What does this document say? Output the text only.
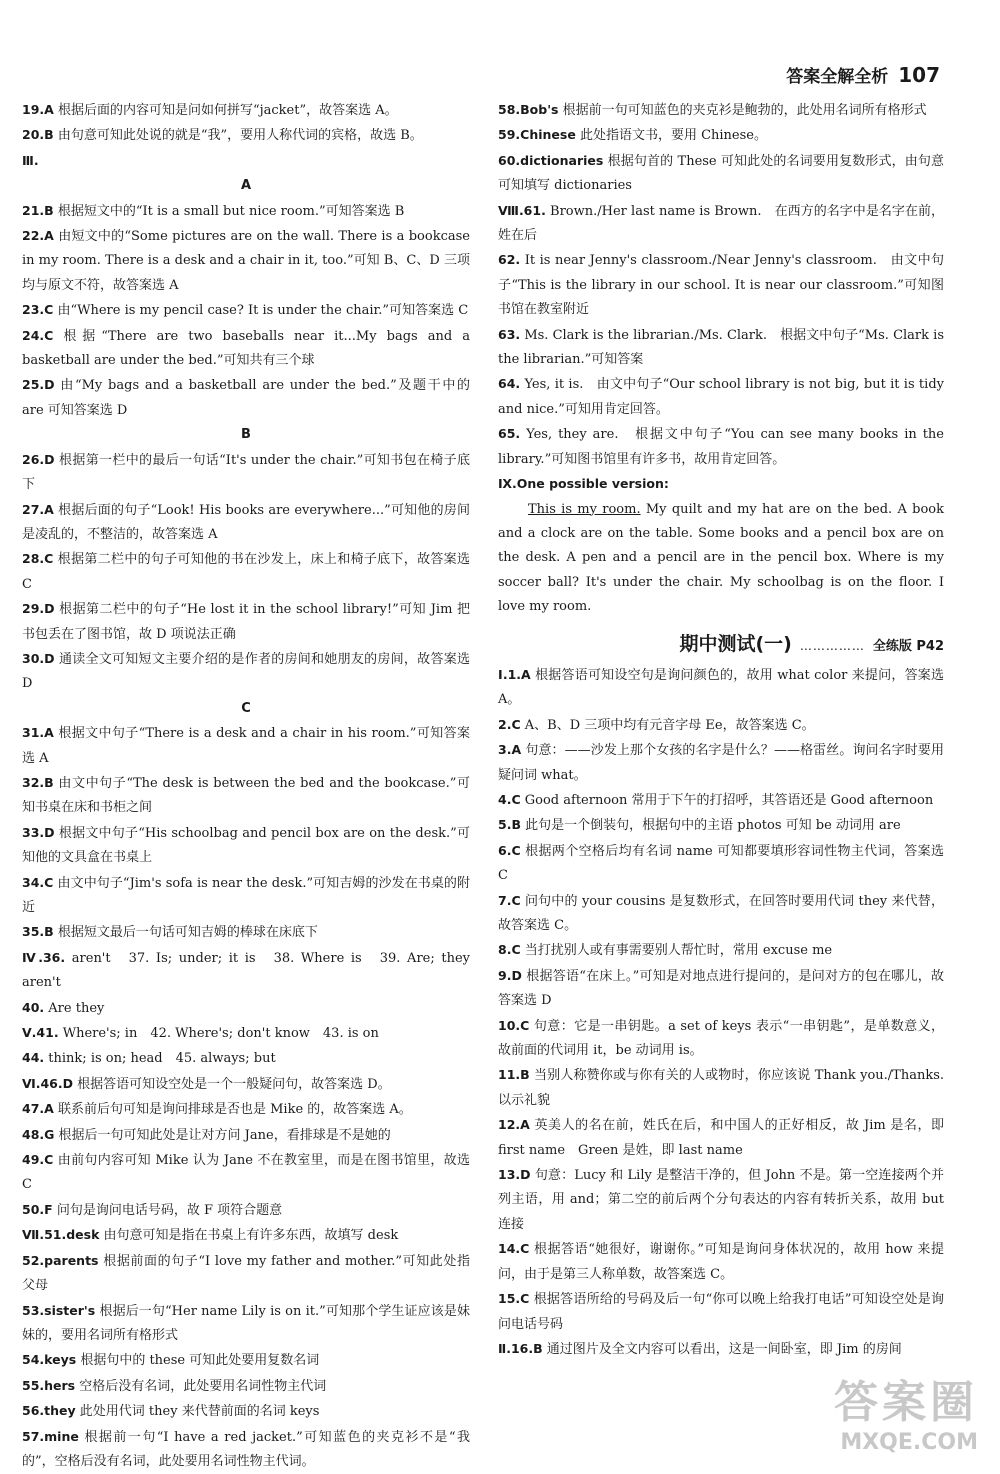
答案全解全析 107

19.A 根据后面的内容可知是问如何拼写“jacket”，故答案选 A。

20.B 由句意可知此处说的就是“我”，要用人称代词的宾格，故选 B。

Ⅲ.

A

21.B 根据短文中的“It is a small but nice room.”可知答案选 B

22.A 由短文中的“Some pictures are on the wall. There is a bookcase in my room. There is a desk and a chair in it, too.”可知 B、C、D 三项均与原文不符，故答案选 A

23.C 由“Where is my pencil case? It is under the chair.”可知答案选 C

24.C 根据“There are two baseballs near it...My bags and a basketball are under the bed.”可知共有三个球

25.D 由“My bags and a basketball are under the bed.”及题干中的 are 可知答案选 D

B

26.D 根据第一栏中的最后一句话“It's under the chair.”可知书包在椅子底下

27.A 根据后面的句子“Look! His books are everywhere...”可知他的房间是凌乱的，不整洁的，故答案选 A

28.C 根据第二栏中的句子可知他的书在沙发上，床上和椅子底下，故答案选 C

29.D 根据第二栏中的句子“He lost it in the school library!”可知 Jim 把书包丢在了图书馆，故 D 项说法正确

30.D 通读全文可知短文主要介绍的是作者的房间和她朋友的房间，故答案选 D

C

31.A 根据文中句子“There is a desk and a chair in his room.”可知答案选 A

32.B 由文中句子“The desk is between the bed and the bookcase.”可知书桌在床和书柜之间

33.D 根据文中句子“His schoolbag and pencil box are on the desk.”可知他的文具盒在书桌上

34.C 由文中句子“Jim's sofa is near the desk.”可知吉姆的沙发在书桌的附近

35.B 根据短文最后一句话可知吉姆的棒球在床底下

Ⅳ.36. aren't　37. Is; under; it is　38. Where is　39. Are; they aren't

40. Are they

Ⅴ.41. Where's; in　42. Where's; don't know　43. is on

44. think; is on; head　45. always; but

Ⅵ.46.D 根据答语可知设空处是一个一般疑问句，故答案选 D。

47.A 联系前后句可知是询问排球是否也是 Mike 的，故答案选 A。

48.G 根据后一句可知此处是让对方问 Jane，看排球是不是她的

49.C 由前句内容可知 Mike 认为 Jane 不在教室里，而是在图书馆里，故选 C

50.F 问句是询问电话号码，故 F 项符合题意

Ⅶ.51.desk 由句意可知是指在书桌上有许多东西，故填写 desk

52.parents 根据前面的句子“I love my father and mother.”可知此处指父母

53.sister's 根据后一句“Her name Lily is on it.”可知那个学生证应该是妹妹的，要用名词所有格形式

54.keys 根据句中的 these 可知此处要用复数名词

55.hers 空格后没有名词，此处要用名词性物主代词

56.they 此处用代词 they 来代替前面的名词 keys

57.mine 根据前一句“I have a red jacket.”可知蓝色的夹克衫不是“我的”，空格后没有名词，此处要用名词性物主代词。

58.Bob's 根据前一句可知蓝色的夹克衫是鲍勃的，此处用名词所有格形式

59.Chinese 此处指语文书，要用 Chinese。

60.dictionaries 根据句首的 These 可知此处的名词要用复数形式，由句意可知填写 dictionaries

Ⅷ.61. Brown./Her last name is Brown.　在西方的名字中是名字在前，姓在后

62. It is near Jenny's classroom./Near Jenny's classroom.　由文中句子“This is the library in our school. It is near our classroom.”可知图书馆在教室附近

63. Ms. Clark is the librarian./Ms. Clark.　根据文中句子“Ms. Clark is the librarian.”可知答案

64. Yes, it is.　由文中句子“Our school library is not big, but it is tidy and nice.”可知用肯定回答。

65. Yes, they are.　根据文中句子“You can see many books in the library.”可知图书馆里有许多书，故用肯定回答。

Ⅸ.One possible version:

This is my room. My quilt and my hat are on the bed. A book and a clock are on the table. Some books and a pencil box are on the desk. A pen and a pencil are in the pencil box. Where is my soccer ball? It's under the chair. My schoolbag is on the floor. I love my room.

期中测试(一) …………… 全练版 P42

Ⅰ.1.A 根据答语可知设空句是询问颜色的，故用 what color 来提问，答案选 A。

2.C A、B、D 三项中均有元音字母 Ee，故答案选 C。

3.A 句意：——沙发上那个女孩的名字是什么？——格雷丝。询问名字时要用疑问词 what。

4.C Good afternoon 常用于下午的打招呼，其答语还是 Good afternoon

5.B 此句是一个倒装句，根据句中的主语 photos 可知 be 动词用 are

6.C 根据两个空格后均有名词 name 可知都要填形容词性物主代词，答案选 C

7.C 问句中的 your cousins 是复数形式，在回答时要用代词 they 来代替，故答案选 C。

8.C 当打扰别人或有事需要别人帮忙时，常用 excuse me

9.D 根据答语“在床上。”可知是对地点进行提问的，是问对方的包在哪儿，故答案选 D

10.C 句意：它是一串钥匙。a set of keys 表示“一串钥匙”，是单数意义，故前面的代词用 it，be 动词用 is。

11.B 当别人称赞你或与你有关的人或物时，你应该说 Thank you./Thanks.以示礼貌

12.A 英美人的名在前，姓氏在后，和中国人的正好相反，故 Jim 是名，即 first name　Green 是姓，即 last name

13.D 句意：Lucy 和 Lily 是整洁干净的，但 John 不是。第一空连接两个并列主语，用 and；第二空的前后两个分句表达的内容有转折关系，故用 but 连接

14.C 根据答语“她很好，谢谢你。”可知是询问身体状况的，故用 how 来提问，由于是第三人称单数，故答案选 C。

15.C 根据答语所给的号码及后一句“你可以晚上给我打电话”可知设空处是询问电话号码

Ⅱ.16.B 通过图片及全文内容可以看出，这是一间卧室，即 Jim 的房间

答案圈
MXQE.COM
